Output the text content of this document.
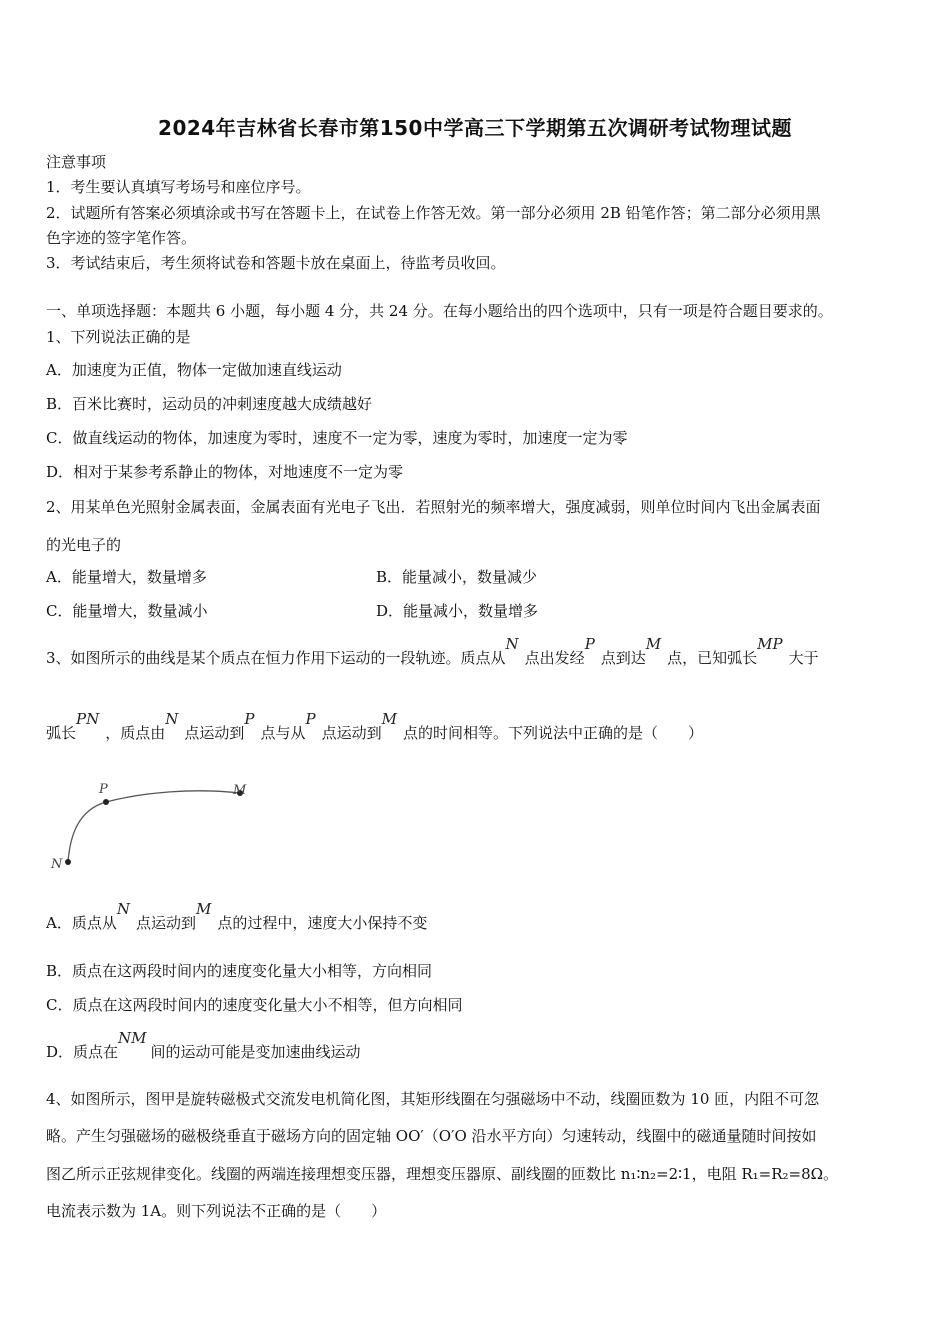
2024年吉林省长春市第150中学高三下学期第五次调研考试物理试题
注意事项
1．考生要认真填写考场号和座位序号。
2．试题所有答案必须填涂或书写在答题卡上，在试卷上作答无效。第一部分必须用 2B 铅笔作答；第二部分必须用黑
色字迹的签字笔作答。
3．考试结束后，考生须将试卷和答题卡放在桌面上，待监考员收回。
一、单项选择题：本题共 6 小题，每小题 4 分，共 24 分。在每小题给出的四个选项中，只有一项是符合题目要求的。
1、下列说法正确的是
A．加速度为正值，物体一定做加速直线运动
B．百米比赛时，运动员的冲刺速度越大成绩越好
C．做直线运动的物体，加速度为零时，速度不一定为零，速度为零时，加速度一定为零
D．相对于某参考系静止的物体，对地速度不一定为零
2、用某单色光照射金属表面，金属表面有光电子飞出．若照射光的频率增大，强度减弱，则单位时间内飞出金属表面
的光电子的
A．能量增大，数量增多	B．能量减小，数量减少
C．能量增大，数量减小	D．能量减小，数量增多
3、如图所示的曲线是某个质点在恒力作用下运动的一段轨迹。质点从N点出发经P点到达M点，已知弧长MP大于
弧长PN，质点由N点运动到P点与从P点运动到M点的时间相等。下列说法中正确的是（　　）
P	M
N
A．质点从N点运动到M点的过程中，速度大小保持不变
B．质点在这两段时间内的速度变化量大小相等，方向相同
C．质点在这两段时间内的速度变化量大小不相等，但方向相同
D．质点在NM间的运动可能是变加速曲线运动
4、如图所示，图甲是旋转磁极式交流发电机简化图，其矩形线圈在匀强磁场中不动，线圈匝数为 10 匝，内阻不可忽
略。产生匀强磁场的磁极绕垂直于磁场方向的固定轴 OO′（O′O 沿水平方向）匀速转动，线圈中的磁通量随时间按如
图乙所示正弦规律变化。线圈的两端连接理想变压器，理想变压器原、副线圈的匝数比 n₁∶n₂=2∶1，电阻 R₁=R₂=8Ω。
电流表示数为 1A。则下列说法不正确的是（　　）
